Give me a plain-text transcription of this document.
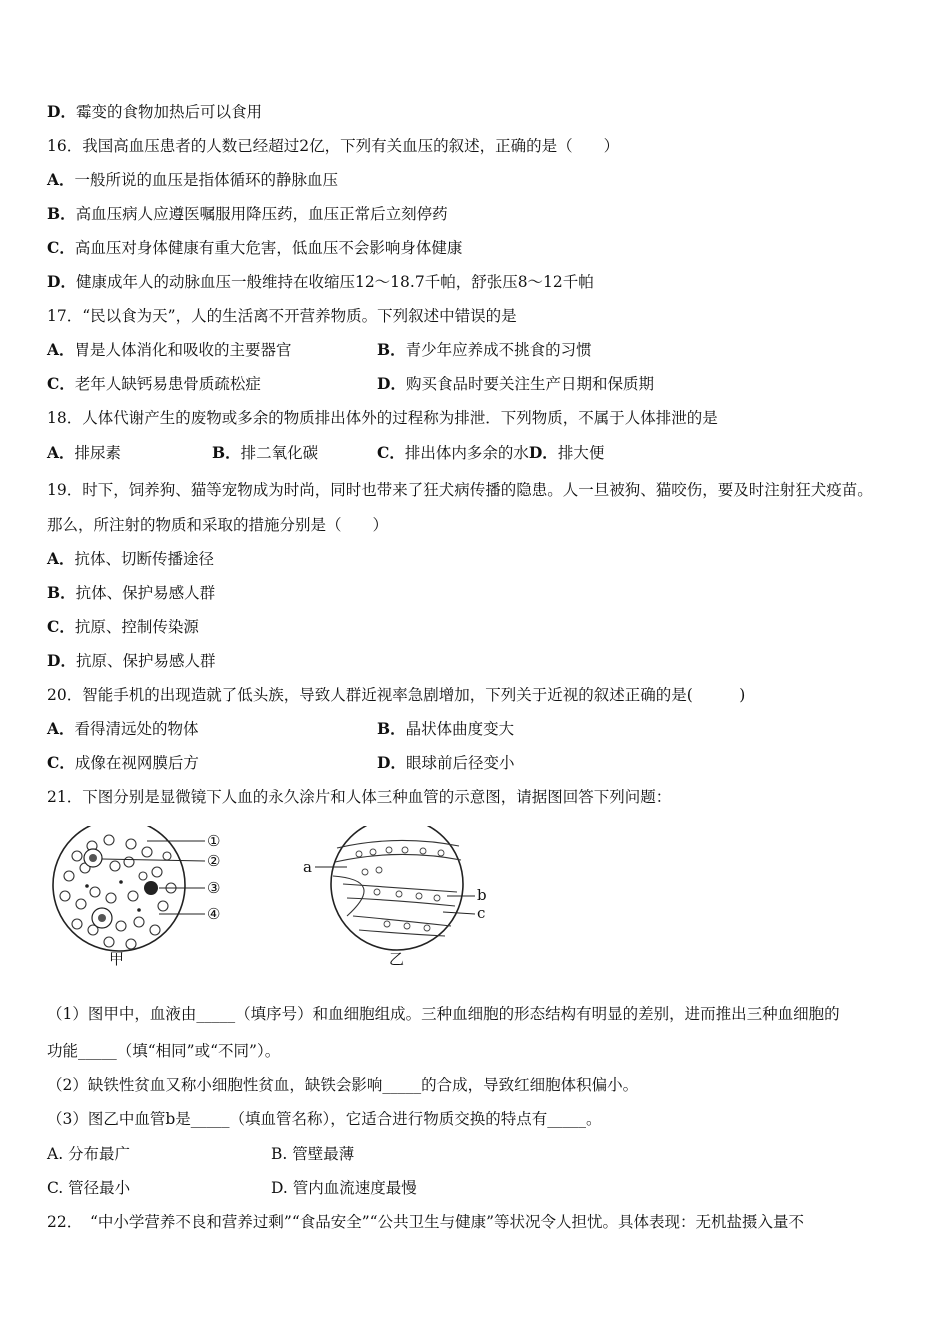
D．霉变的食物加热后可以食用
16．我国高血压患者的人数已经超过2亿，下列有关血压的叙述，正确的是（　　）
A．一般所说的血压是指体循环的静脉血压
B．高血压病人应遵医嘱服用降压药，血压正常后立刻停药
C．高血压对身体健康有重大危害，低血压不会影响身体健康
D．健康成年人的动脉血压一般维持在收缩压12～18.7千帕，舒张压8～12千帕
17．“民以食为天”，人的生活离不开营养物质。下列叙述中错误的是
A．胃是人体消化和吸收的主要器官	B．青少年应养成不挑食的习惯
C．老年人缺钙易患骨质疏松症	D．购买食品时要关注生产日期和保质期
18．人体代谢产生的废物或多余的物质排出体外的过程称为排泄．下列物质，不属于人体排泄的是
A．排尿素	B．排二氧化碳	C．排出体内多余的水D．排大便
19．时下，饲养狗、猫等宠物成为时尚，同时也带来了狂犬病传播的隐患。人一旦被狗、猫咬伤，要及时注射狂犬疫苗。
那么，所注射的物质和采取的措施分别是（　　）
A．抗体、切断传播途径
B．抗体、保护易感人群
C．抗原、控制传染源
D．抗原、保护易感人群
20．智能手机的出现造就了低头族，导致人群近视率急剧增加，下列关于近视的叙述正确的是(　　　)
A．看得清远处的物体	B．晶状体曲度变大
C．成像在视网膜后方	D．眼球前后径变小
21．下图分别是显微镜下人血的永久涂片和人体三种血管的示意图，请据图回答下列问题：
①
②
③
④
甲
a
b
c
乙
（1）图甲中，血液由_____（填序号）和血细胞组成。三种血细胞的形态结构有明显的差别，进而推出三种血细胞的
功能_____（填“相同”或“不同”）。
（2）缺铁性贫血又称小细胞性贫血，缺铁会影响_____的合成，导致红细胞体积偏小。
（3）图乙中血管b是_____（填血管名称），它适合进行物质交换的特点有_____。
A. 分布最广	B. 管壁最薄
C. 管径最小	D. 管内血流速度最慢
22．　“中小学营养不良和营养过剩”“食品安全”“公共卫生与健康”等状况令人担忧。具体表现：无机盐摄入量不
